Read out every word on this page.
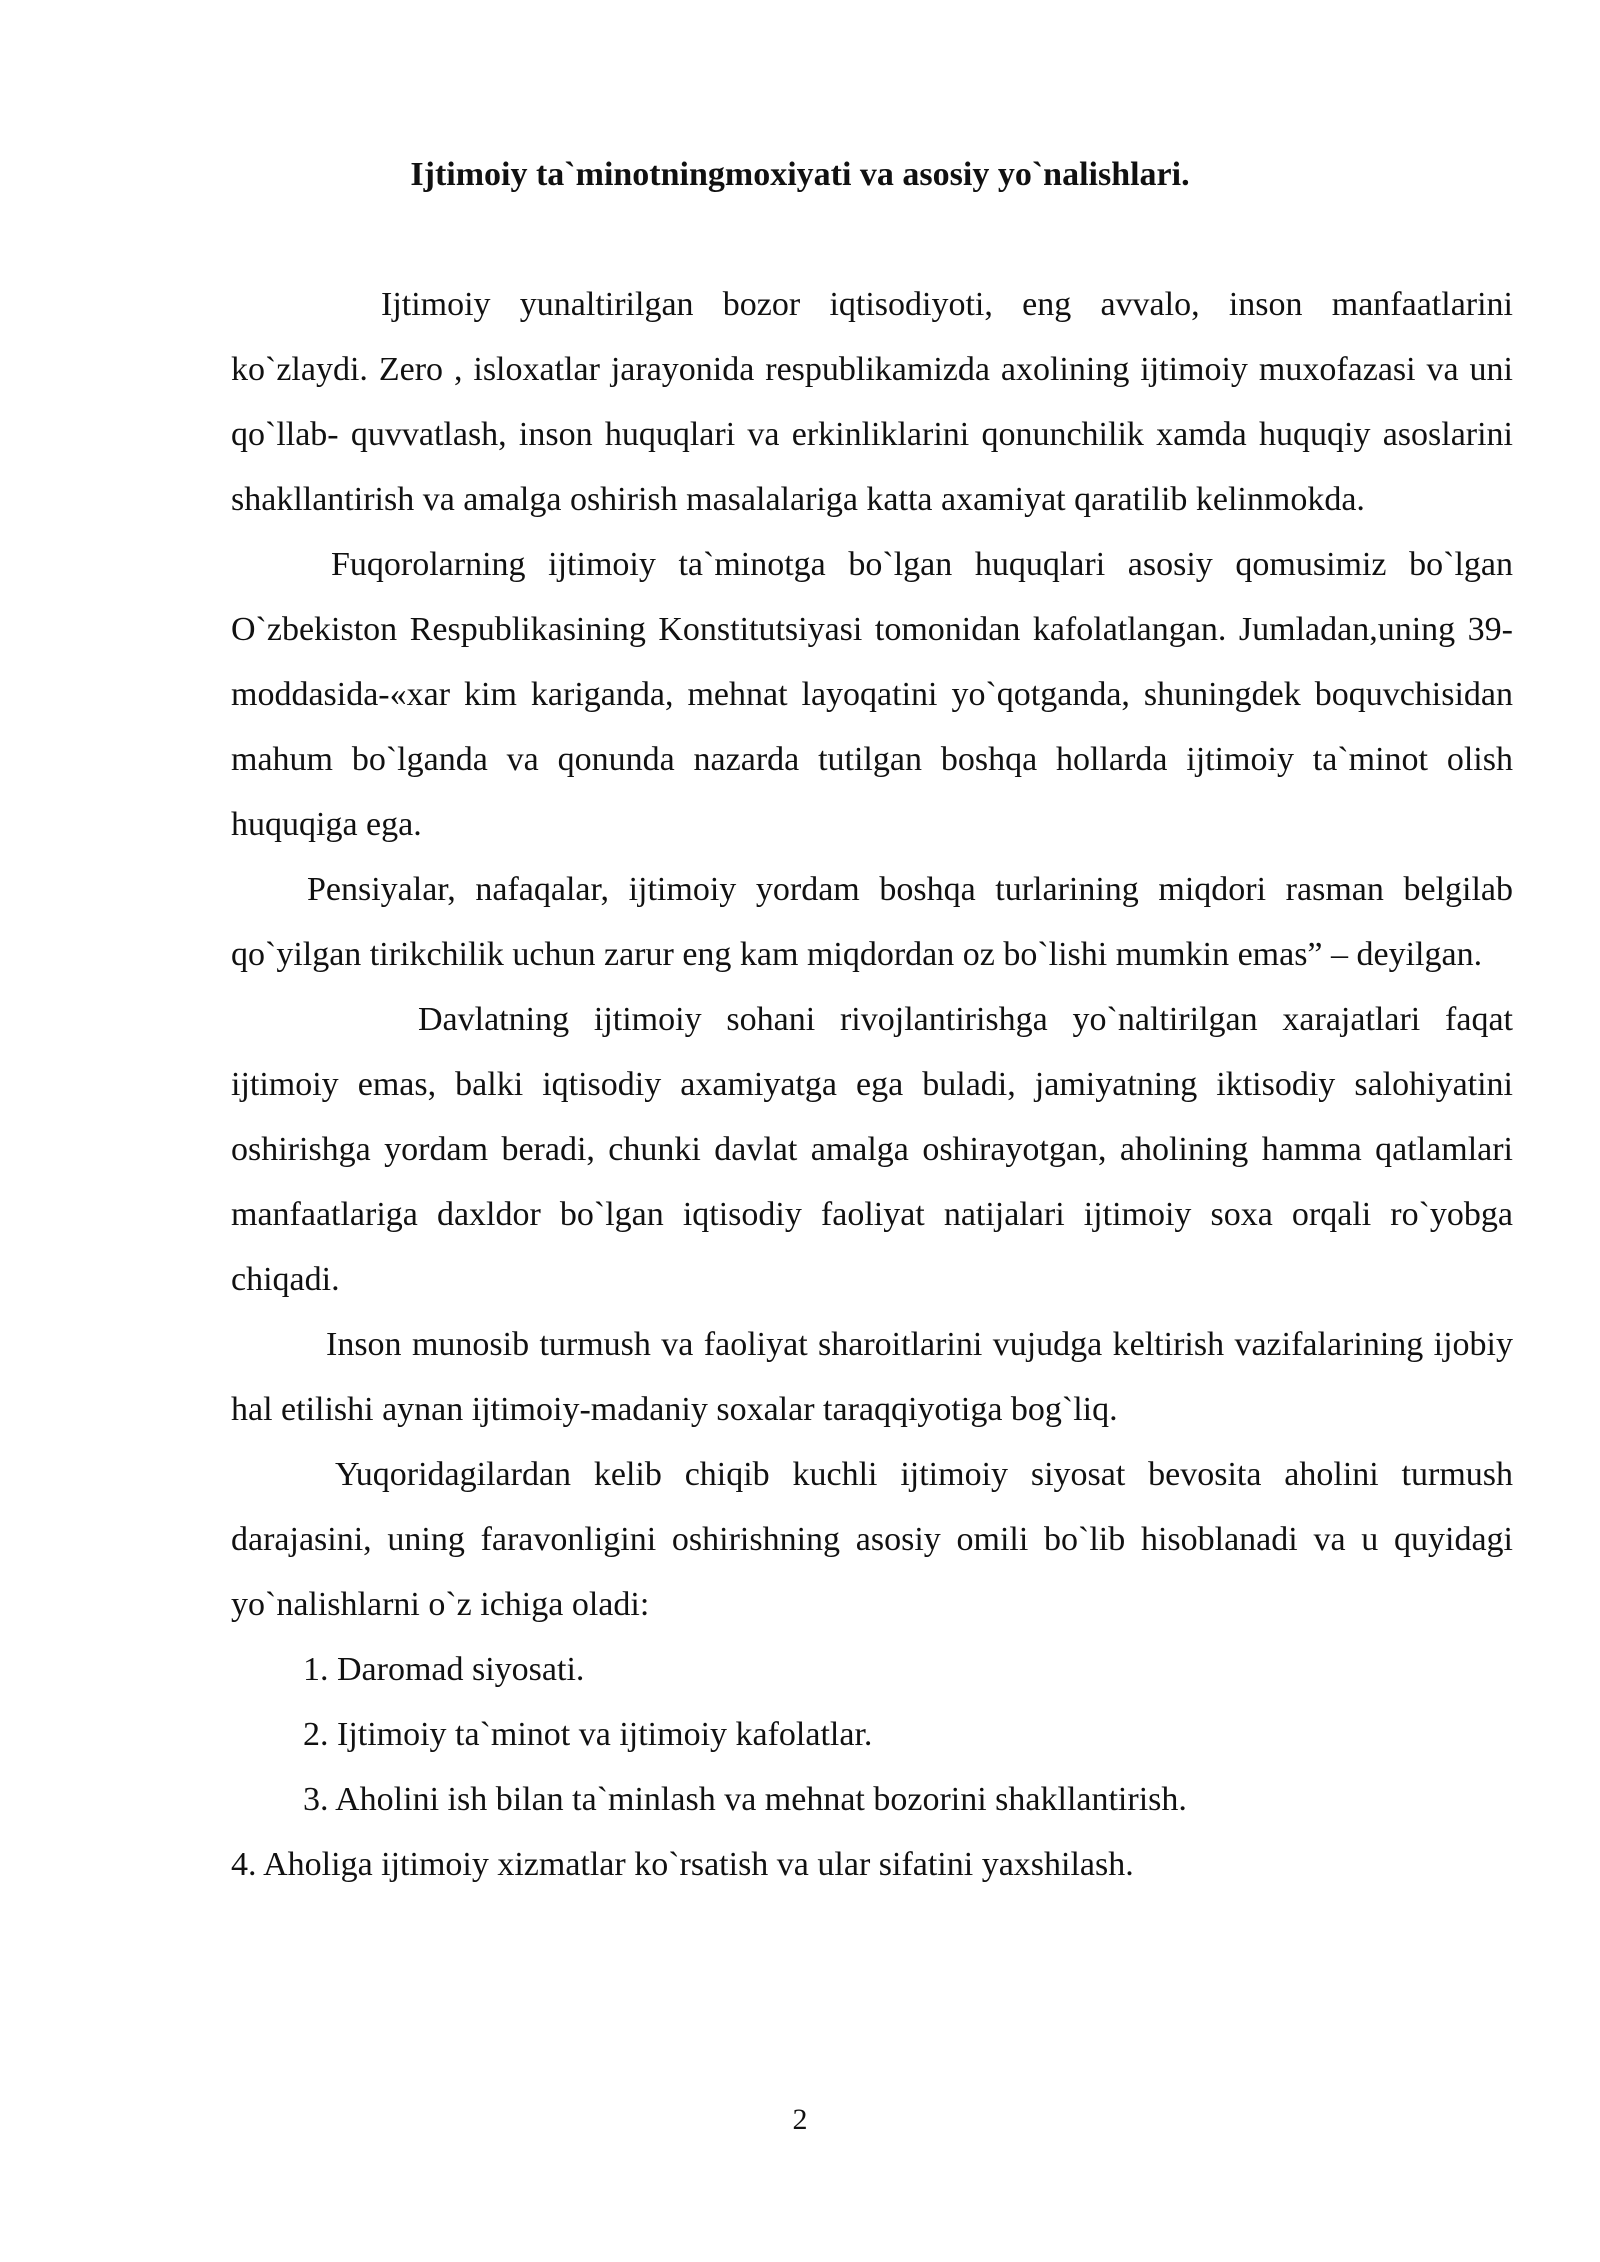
Ijtimoiy ta`minotningmoxiyati va asosiy yo`nalishlari.

Ijtimoiy yunaltirilgan bozor iqtisodiyoti, eng avvalo, inson manfaatlarini ko`zlaydi. Zero , isloxatlar jarayonida respublikamizda axolining ijtimoiy muxofazasi va uni qo`llab- quvvatlash, inson huquqlari va erkinliklarini qonunchilik xamda huquqiy asoslarini shakllantirish va amalga oshirish masalalariga katta axamiyat qaratilib kelinmokda.

Fuqorolarning ijtimoiy ta`minotga bo`lgan huquqlari asosiy qomusimiz bo`lgan O`zbekiston Respublikasining Konstitutsiyasi tomonidan kafolatlangan. Jumladan,uning 39-moddasida-«xar kim kariganda, mehnat layoqatini yo`qotganda, shuningdek boquvchisidan mahum bo`lganda va qonunda nazarda tutilgan boshqa hollarda ijtimoiy ta`minot olish huquqiga ega.

Pensiyalar, nafaqalar, ijtimoiy yordam boshqa turlarining miqdori rasman belgilab qo`yilgan tirikchilik uchun zarur eng kam miqdordan oz bo`lishi mumkin emas” – deyilgan.

Davlatning ijtimoiy sohani rivojlantirishga yo`naltirilgan xarajatlari faqat ijtimoiy emas, balki iqtisodiy axamiyatga ega buladi, jamiyatning iktisodiy salohiyatini oshirishga yordam beradi, chunki davlat amalga oshirayotgan, aholining hamma qatlamlari manfaatlariga daxldor bo`lgan iqtisodiy faoliyat natijalari ijtimoiy soxa orqali ro`yobga chiqadi.

Inson munosib turmush va faoliyat sharoitlarini vujudga keltirish vazifalarining ijobiy hal etilishi aynan ijtimoiy-madaniy soxalar taraqqiyotiga bog`liq.

Yuqoridagilardan kelib chiqib kuchli ijtimoiy siyosat bevosita aholini turmush darajasini, uning faravonligini oshirishning asosiy omili bo`lib hisoblanadi va u quyidagi yo`nalishlarni o`z ichiga oladi:

1. Daromad siyosati.

2. Ijtimoiy ta`minot va ijtimoiy kafolatlar.

3. Aholini ish bilan ta`minlash va mehnat bozorini shakllantirish.

4. Aholiga ijtimoiy xizmatlar ko`rsatish va ular sifatini yaxshilash.

2
